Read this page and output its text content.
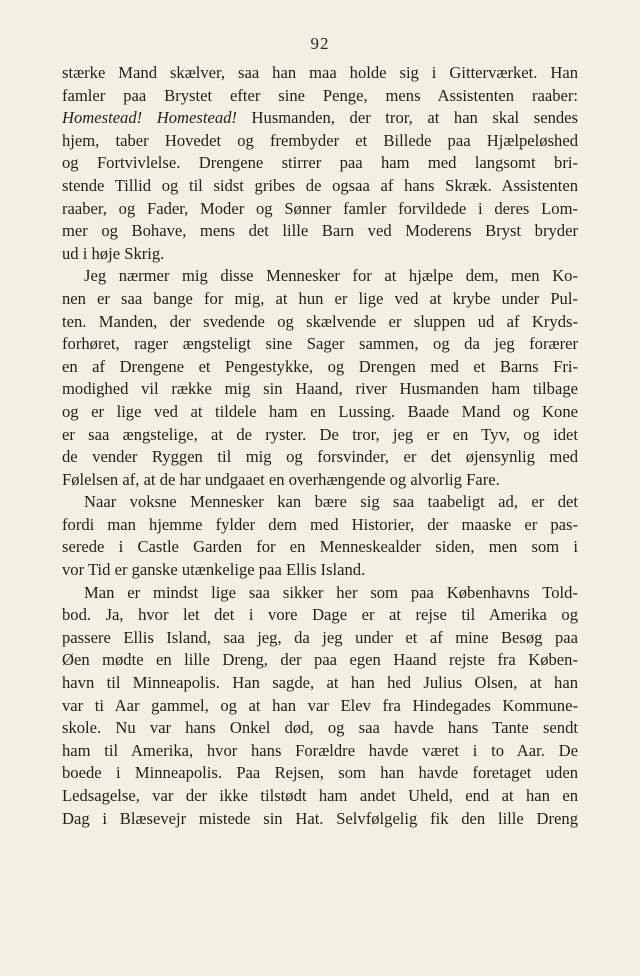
92
stærke Mand skælver, saa han maa holde sig i Gitterværket. Han
famler paa Brystet efter sine Penge, mens Assistenten raaber:
Homestead! Homestead! Husmanden, der tror, at han skal sendes
hjem, taber Hovedet og frembyder et Billede paa Hjælpeløshed
og Fortvivlelse. Drengene stirrer paa ham med langsomt bri-
stende Tillid og til sidst gribes de ogsaa af hans Skræk. Assistenten
raaber, og Fader, Moder og Sønner famler forvildede i deres Lom-
mer og Bohave, mens det lille Barn ved Moderens Bryst bryder
ud i høje Skrig.
Jeg nærmer mig disse Mennesker for at hjælpe dem, men Ko-
nen er saa bange for mig, at hun er lige ved at krybe under Pul-
ten. Manden, der svedende og skælvende er sluppen ud af Kryds-
forhøret, rager ængsteligt sine Sager sammen, og da jeg forærer
en af Drengene et Pengestykke, og Drengen med et Barns Fri-
modighed vil række mig sin Haand, river Husmanden ham tilbage
og er lige ved at tildele ham en Lussing. Baade Mand og Kone
er saa ængstelige, at de ryster. De tror, jeg er en Tyv, og idet
de vender Ryggen til mig og forsvinder, er det øjensynlig med
Følelsen af, at de har undgaaet en overhængende og alvorlig Fare.
Naar voksne Mennesker kan bære sig saa taabeligt ad, er det
fordi man hjemme fylder dem med Historier, der maaske er pas-
serede i Castle Garden for en Menneskealder siden, men som i
vor Tid er ganske utænkelige paa Ellis Island.
Man er mindst lige saa sikker her som paa Københavns Told-
bod. Ja, hvor let det i vore Dage er at rejse til Amerika og
passere Ellis Island, saa jeg, da jeg under et af mine Besøg paa
Øen mødte en lille Dreng, der paa egen Haand rejste fra Køben-
havn til Minneapolis. Han sagde, at han hed Julius Olsen, at han
var ti Aar gammel, og at han var Elev fra Hindegades Kommune-
skole. Nu var hans Onkel død, og saa havde hans Tante sendt
ham til Amerika, hvor hans Forældre havde været i to Aar. De
boede i Minneapolis. Paa Rejsen, som han havde foretaget uden
Ledsagelse, var der ikke tilstødt ham andet Uheld, end at han en
Dag i Blæsevejr mistede sin Hat. Selvfølgelig fik den lille Dreng
